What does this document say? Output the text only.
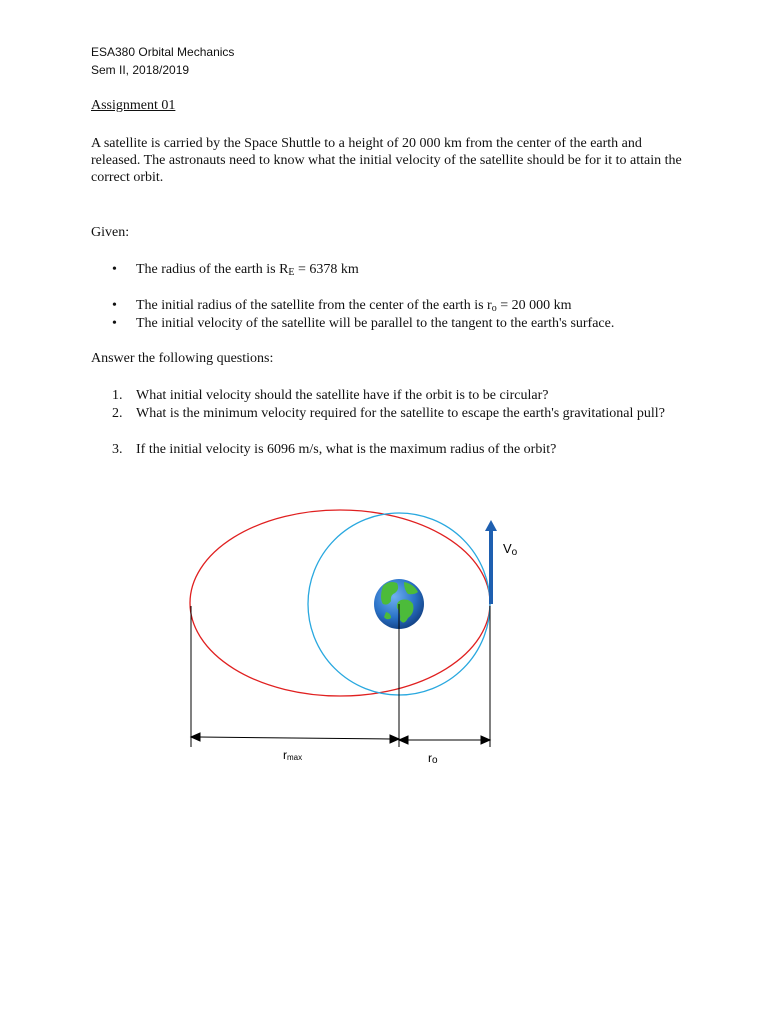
ESA380 Orbital Mechanics
Sem II, 2018/2019
Assignment 01
A satellite is carried by the Space Shuttle to a height of 20 000 km from the center of the earth and released. The astronauts need to know what the initial velocity of the satellite should be for it to attain the correct orbit.
Given:
• The radius of the earth is $R_E = 6378$ km
• The initial radius of the satellite from the center of the earth is $r_o = 20$ 000 km
• The initial velocity of the satellite will be parallel to the tangent to the earth's surface.
Answer the following questions:
1. What initial velocity should the satellite have if the orbit is to be circular?
2. What is the minimum velocity required for the satellite to escape the earth's gravitational pull?
3. If the initial velocity is 6096 m/s, what is the maximum radius of the orbit?
Vo
rmax	ro
